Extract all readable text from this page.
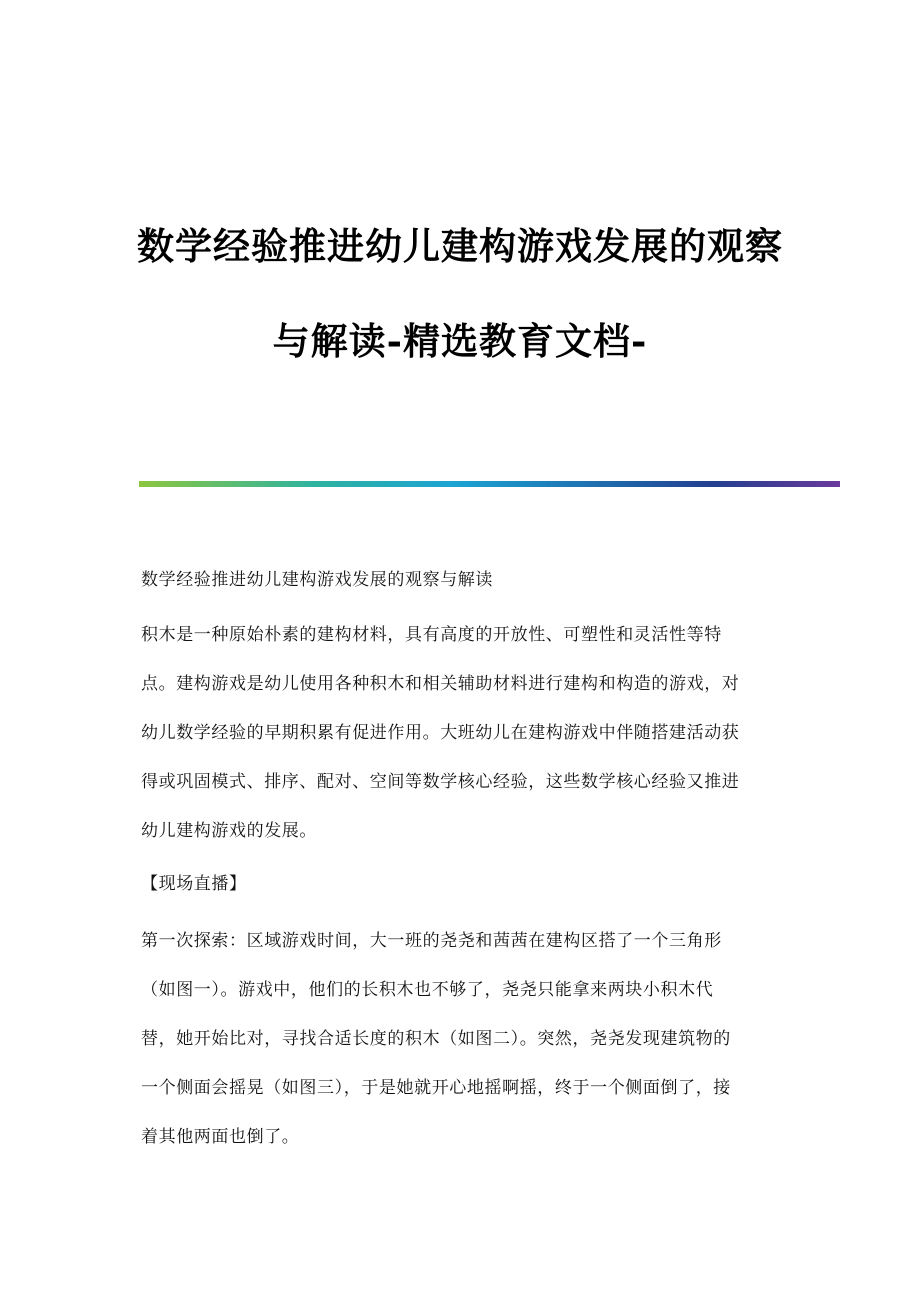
数学经验推进幼儿建构游戏发展的观察
与解读-精选教育文档-

数学经验推进幼儿建构游戏发展的观察与解读

积木是一种原始朴素的建构材料，具有高度的开放性、可塑性和灵活性等特
点。建构游戏是幼儿使用各种积木和相关辅助材料进行建构和构造的游戏，对
幼儿数学经验的早期积累有促进作用。大班幼儿在建构游戏中伴随搭建活动获
得或巩固模式、排序、配对、空间等数学核心经验，这些数学核心经验又推进
幼儿建构游戏的发展。

【现场直播】

第一次探索：区域游戏时间，大一班的尧尧和茜茜在建构区搭了一个三角形
（如图一）。游戏中，他们的长积木也不够了，尧尧只能拿来两块小积木代
替，她开始比对，寻找合适长度的积木（如图二）。突然，尧尧发现建筑物的
一个侧面会摇晃（如图三），于是她就开心地摇啊摇，终于一个侧面倒了，接
着其他两面也倒了。
